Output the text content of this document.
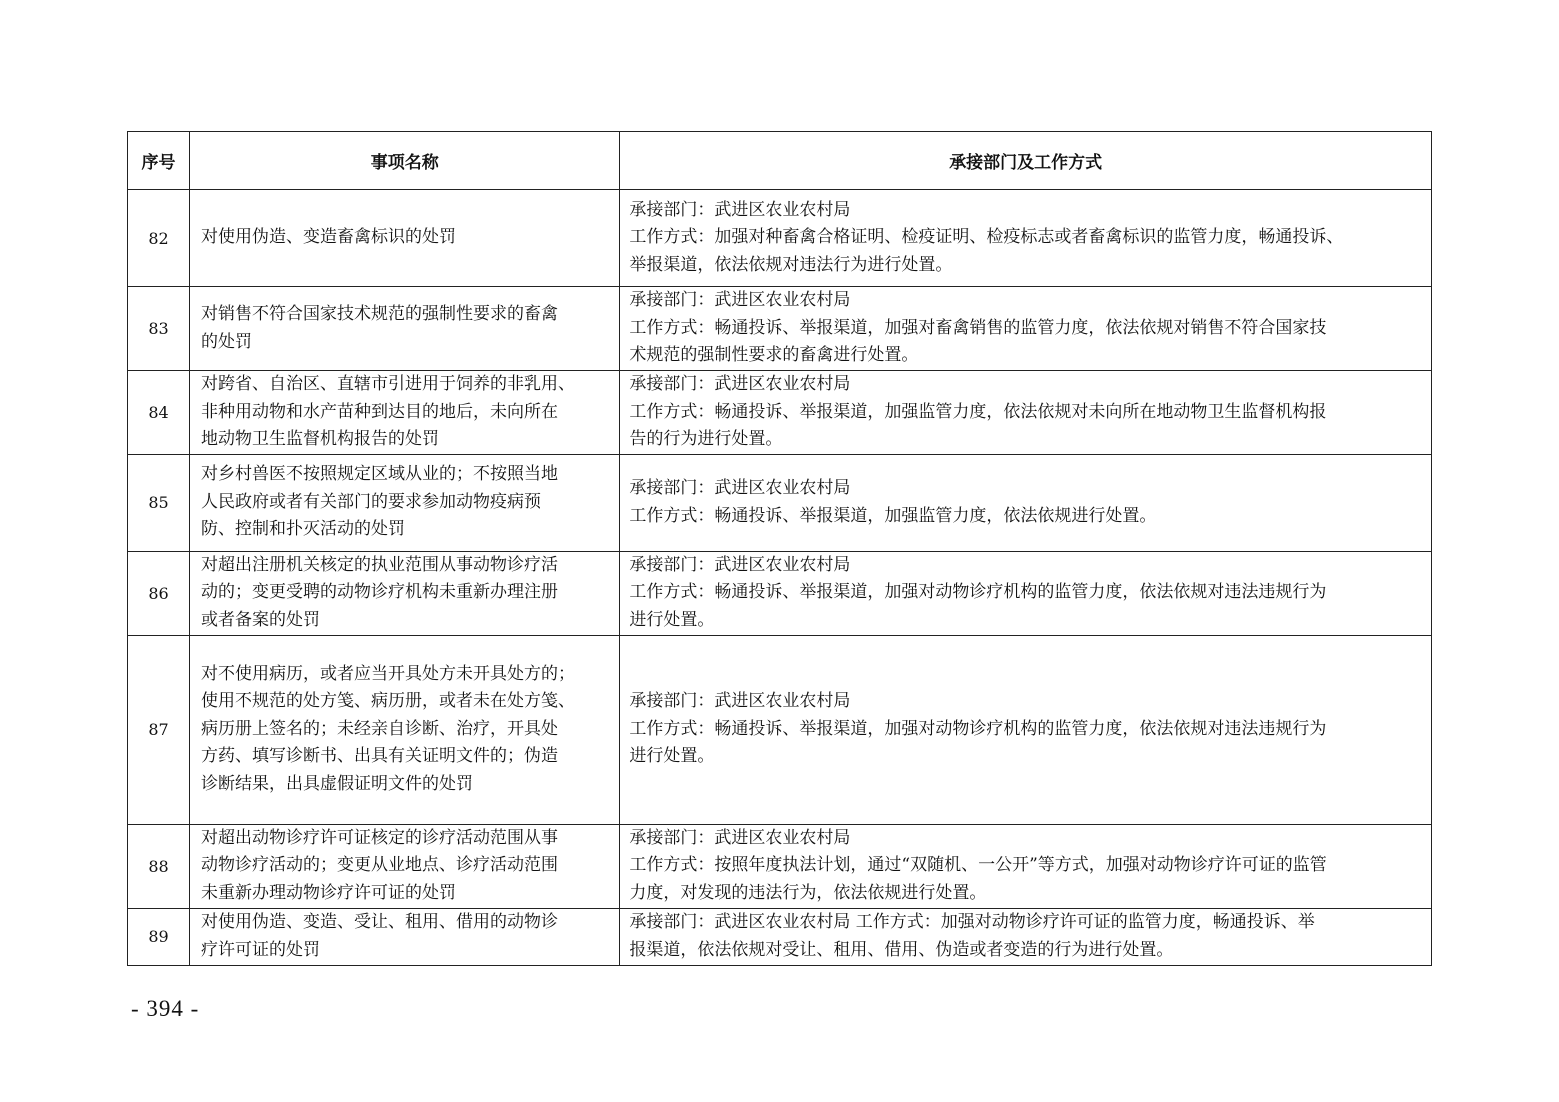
序号	事项名称	承接部门及工作方式
82	对使用伪造、变造畜禽标识的处罚	承接部门：武进区农业农村局
工作方式：加强对种畜禽合格证明、检疫证明、检疫标志或者畜禽标识的监管力度，畅通投诉、
举报渠道，依法依规对违法行为进行处置。

83	对销售不符合国家技术规范的强制性要求的畜禽
的处罚	承接部门：武进区农业农村局
工作方式：畅通投诉、举报渠道，加强对畜禽销售的监管力度，依法依规对销售不符合国家技
术规范的强制性要求的畜禽进行处置。

84	对跨省、自治区、直辖市引进用于饲养的非乳用、
非种用动物和水产苗种到达目的地后，未向所在
地动物卫生监督机构报告的处罚	承接部门：武进区农业农村局
工作方式：畅通投诉、举报渠道，加强监管力度，依法依规对未向所在地动物卫生监督机构报
告的行为进行处置。

85	对乡村兽医不按照规定区域从业的；不按照当地
人民政府或者有关部门的要求参加动物疫病预
防、控制和扑灭活动的处罚	承接部门：武进区农业农村局
工作方式：畅通投诉、举报渠道，加强监管力度，依法依规进行处置。

86	对超出注册机关核定的执业范围从事动物诊疗活
动的；变更受聘的动物诊疗机构未重新办理注册
或者备案的处罚	承接部门：武进区农业农村局
工作方式：畅通投诉、举报渠道，加强对动物诊疗机构的监管力度，依法依规对违法违规行为
进行处置。

87	对不使用病历，或者应当开具处方未开具处方的；
使用不规范的处方笺、病历册，或者未在处方笺、
病历册上签名的；未经亲自诊断、治疗，开具处
方药、填写诊断书、出具有关证明文件的；伪造
诊断结果，出具虚假证明文件的处罚	承接部门：武进区农业农村局
工作方式：畅通投诉、举报渠道，加强对动物诊疗机构的监管力度，依法依规对违法违规行为
进行处置。

88	对超出动物诊疗许可证核定的诊疗活动范围从事
动物诊疗活动的；变更从业地点、诊疗活动范围
未重新办理动物诊疗许可证的处罚	承接部门：武进区农业农村局
工作方式：按照年度执法计划，通过“双随机、一公开”等方式，加强对动物诊疗许可证的监管
力度，对发现的违法行为，依法依规进行处置。

89	对使用伪造、变造、受让、租用、借用的动物诊
疗许可证的处罚	承接部门：武进区农业农村局 工作方式：加强对动物诊疗许可证的监管力度，畅通投诉、举
报渠道，依法依规对受让、租用、借用、伪造或者变造的行为进行处置。
- 394 -
